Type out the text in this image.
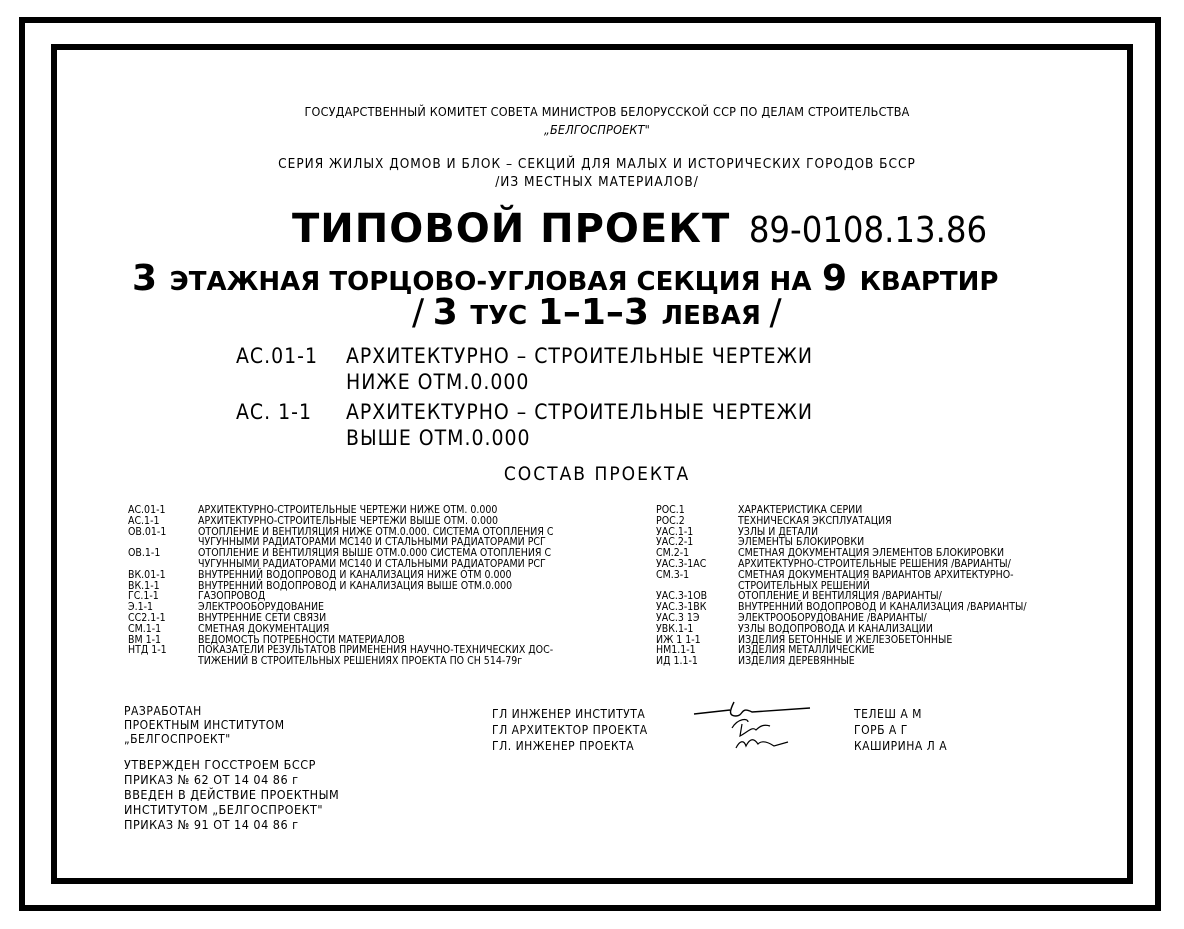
ГОСУДАРСТВЕННЫЙ КОМИТЕТ СОВЕТА МИНИСТРОВ БЕЛОРУССКОЙ ССР ПО ДЕЛАМ СТРОИТЕЛЬСТВА
„БЕЛГОСПРОЕКТ"
СЕРИЯ ЖИЛЫХ ДОМОВ И БЛОК – СЕКЦИЙ ДЛЯ МАЛЫХ И ИСТОРИЧЕСКИХ ГОРОДОВ БССР
/ИЗ МЕСТНЫХ МАТЕРИАЛОВ/
ТИПОВОЙ ПРОЕКТ 89-0108.13.86
3 ЭТАЖНАЯ ТОРЦОВО-УГЛОВАЯ СЕКЦИЯ НА 9 КВАРТИР
/ 3 ТУС 1–1–3 ЛЕВАЯ /
АС.01-1 АРХИТЕКТУРНО – СТРОИТЕЛЬНЫЕ ЧЕРТЕЖИ
НИЖЕ ОТМ.0.000
АС. 1-1 АРХИТЕКТУРНО – СТРОИТЕЛЬНЫЕ ЧЕРТЕЖИ
ВЫШЕ ОТМ.0.000
СОСТАВ ПРОЕКТА
АС.01-1	АРХИТЕКТУРНО-СТРОИТЕЛЬНЫЕ ЧЕРТЕЖИ НИЖЕ ОТМ. 0.000
АС.1-1	АРХИТЕКТУРНО-СТРОИТЕЛЬНЫЕ ЧЕРТЕЖИ ВЫШЕ ОТМ. 0.000
ОВ.01-1	ОТОПЛЕНИЕ И ВЕНТИЛЯЦИЯ НИЖЕ ОТМ.0.000. СИСТЕМА ОТОПЛЕНИЯ С
ЧУГУННЫМИ РАДИАТОРАМИ МС140 И СТАЛЬНЫМИ РАДИАТОРАМИ РСГ
ОВ.1-1	ОТОПЛЕНИЕ И ВЕНТИЛЯЦИЯ ВЫШЕ ОТМ.0.000 СИСТЕМА ОТОПЛЕНИЯ С
ЧУГУННЫМИ РАДИАТОРАМИ МС140 И СТАЛЬНЫМИ РАДИАТОРАМИ РСГ
ВК.01-1	ВНУТРЕННИЙ ВОДОПРОВОД И КАНАЛИЗАЦИЯ НИЖЕ ОТМ 0.000
ВК.1-1	ВНУТРЕННИЙ ВОДОПРОВОД И КАНАЛИЗАЦИЯ ВЫШЕ ОТМ.0.000
ГС.1-1	ГАЗОПРОВОД
Э.1-1	ЭЛЕКТРООБОРУДОВАНИЕ
СС2.1-1	ВНУТРЕННИЕ СЕТИ СВЯЗИ
СМ.1-1	СМЕТНАЯ ДОКУМЕНТАЦИЯ
ВМ 1-1	ВЕДОМОСТЬ ПОТРЕБНОСТИ МАТЕРИАЛОВ
НТД 1-1	ПОКАЗАТЕЛИ РЕЗУЛЬТАТОВ ПРИМЕНЕНИЯ НАУЧНО-ТЕХНИЧЕСКИХ ДОС-
ТИЖЕНИЙ В СТРОИТЕЛЬНЫХ РЕШЕНИЯХ ПРОЕКТА ПО СН 514-79г
РОС.1	ХАРАКТЕРИСТИКА СЕРИИ
РОС.2	ТЕХНИЧЕСКАЯ ЭКСПЛУАТАЦИЯ
УАС.1-1	УЗЛЫ И ДЕТАЛИ
УАС.2-1	ЭЛЕМЕНТЫ БЛОКИРОВКИ
СМ.2-1	СМЕТНАЯ ДОКУМЕНТАЦИЯ ЭЛЕМЕНТОВ БЛОКИРОВКИ
УАС.3-1АС	АРХИТЕКТУРНО-СТРОИТЕЛЬНЫЕ РЕШЕНИЯ /ВАРИАНТЫ/
СМ.3-1	СМЕТНАЯ ДОКУМЕНТАЦИЯ ВАРИАНТОВ АРХИТЕКТУРНО-
СТРОИТЕЛЬНЫХ РЕШЕНИЙ
УАС.3-1ОВ	ОТОПЛЕНИЕ И ВЕНТИЛЯЦИЯ /ВАРИАНТЫ/
УАС.3-1ВК	ВНУТРЕННИЙ ВОДОПРОВОД И КАНАЛИЗАЦИЯ /ВАРИАНТЫ/
УАС.3 1Э	ЭЛЕКТРООБОРУДОВАНИЕ /ВАРИАНТЫ/
УВК.1-1	УЗЛЫ ВОДОПРОВОДА И КАНАЛИЗАЦИИ
ИЖ 1 1-1	ИЗДЕЛИЯ БЕТОННЫЕ И ЖЕЛЕЗОБЕТОННЫЕ
НМ1.1-1	ИЗДЕЛИЯ МЕТАЛЛИЧЕСКИЕ
ИД 1.1-1	ИЗДЕЛИЯ ДЕРЕВЯННЫЕ
РАЗРАБОТАН
ПРОЕКТНЫМ ИНСТИТУТОМ
„БЕЛГОСПРОЕКТ"
УТВЕРЖДЕН ГОССТРОЕМ БССР
ПРИКАЗ № 62 ОТ 14 04 86 г
ВВЕДЕН В ДЕЙСТВИЕ ПРОЕКТНЫМ
ИНСТИТУТОМ „БЕЛГОСПРОЕКТ"
ПРИКАЗ № 91 ОТ 14 04 86 г
ГЛ ИНЖЕНЕР ИНСТИТУТА
ГЛ АРХИТЕКТОР ПРОЕКТА
ГЛ. ИНЖЕНЕР ПРОЕКТА
ТЕЛЕШ А М
ГОРБ А Г
КАШИРИНА Л А
